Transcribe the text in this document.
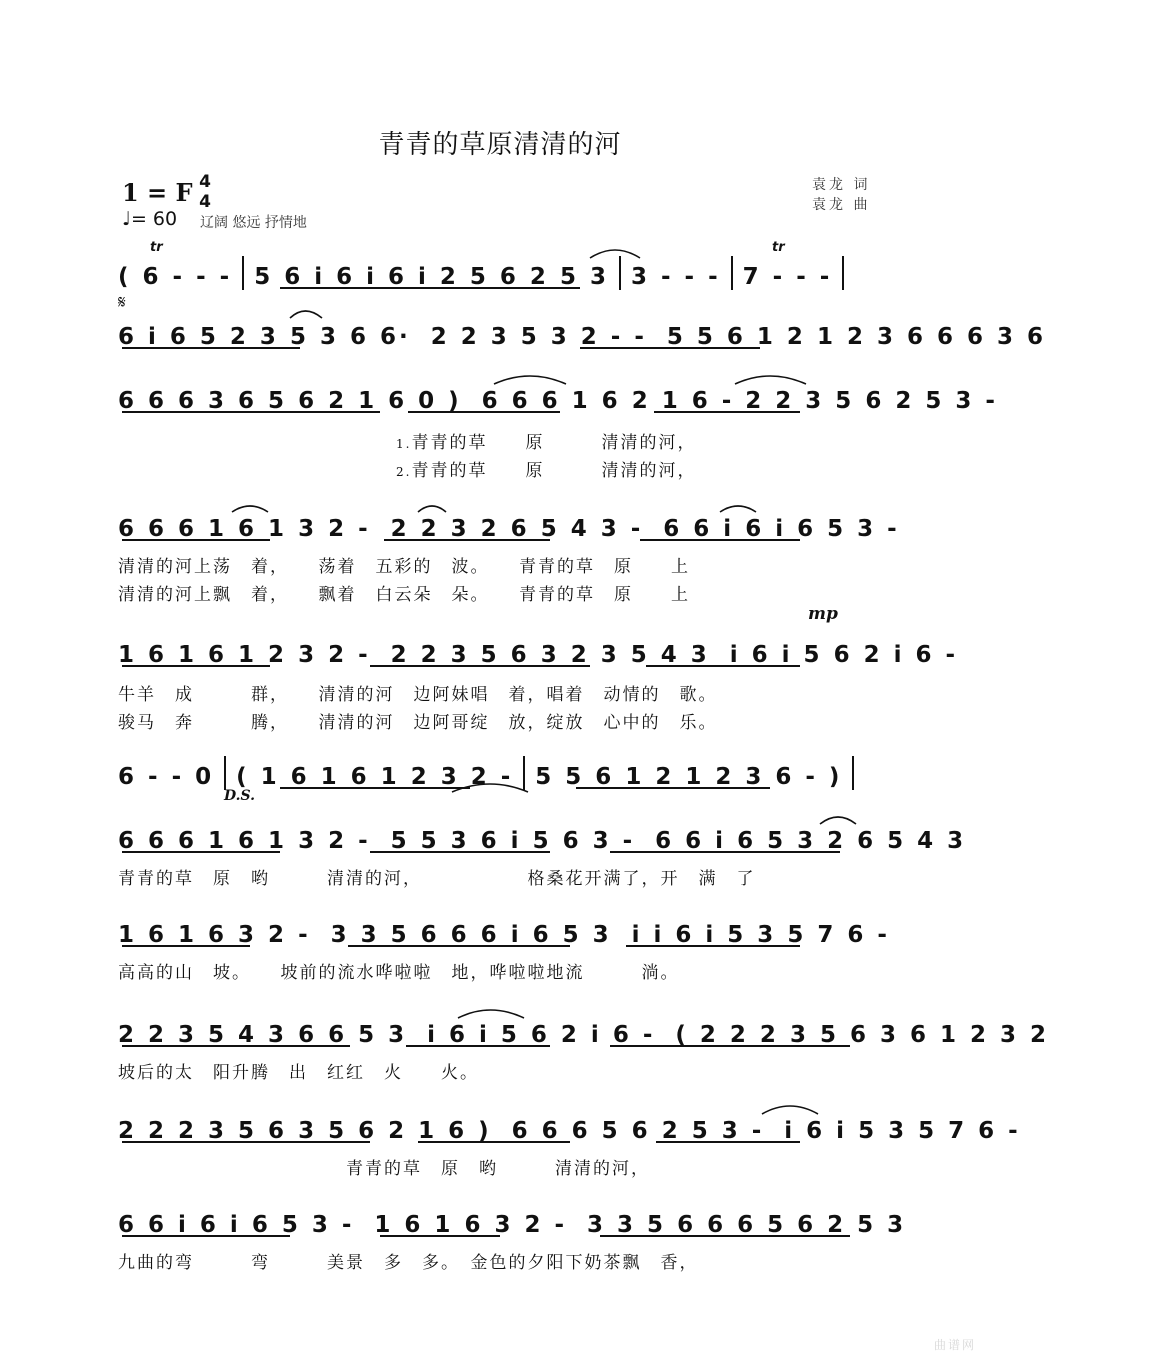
青青的草原清清的河
1 = F 4
4
♩= 60 辽阔 悠远 抒情地
袁龙 词
袁龙 曲
( 6 - - - 5 6 i 6 i 6 i 2 5 6 2 5 3 3 - - - 7 - - -
tr	tr
𝄋
6 i 6 5 2 3 5 3 6 6· 2 2 3 5 3 2 - - 5 5 6 1 2 1 2 3 6 6 6 3 6
6 6 6 3 6 5 6 2 1 6 0 ) 6 6 6 1 6 2 1 6 - 2 2 3 5 6 2 5 3 -
1.青青的草　　原　　　清清的河，
2.青青的草　　原　　　清清的河，
6 6 6 1 6 1 3 2 - 2 2 3 2 6 5 4 3 - 6 6 i 6 i 6 5 3 -
清清的河上荡　着，　　荡着　五彩的　波。　　青青的草　原　　上
清清的河上飘　着，　　飘着　白云朵　朵。　　青青的草　原　　上
mp
1 6 1 6 1 2 3 2 - 2 2 3 5 6 3 2 3 5 4 3 i 6 i 5 6 2 i 6 -
牛羊　成　　　群，　　清清的河　边阿妹唱　着，唱着　动情的　歌。
骏马　奔　　　腾，　　清清的河　边阿哥绽　放，绽放　心中的　乐。
6 - - 0 ( 1 6 1 6 1 2 3 2 - 5 5 6 1 2 1 2 3 6 - )
D.S.
6 6 6 1 6 1 3 2 - 5 5 3 6 i 5 6 3 - 6 6 i 6 5 3 2 6 5 4 3
青青的草　原　哟　　　清清的河，　　　　　　格桑花开满了，开　满　了
1 6 1 6 3 2 - 3 3 5 6 6 6 i 6 5 3 i i 6 i 5 3 5 7 6 -
高高的山　坡。　　坡前的流水哗啦啦　地，哗啦啦地流　　　淌。
2 2 3 5 4 3 6 6 5 3 i 6 i 5 6 2 i 6 - ( 2 2 2 3 5 6 3 6 1 2 3 2
坡后的太　阳升腾　出　红红　火　　火。
2 2 2 3 5 6 3 5 6 2 1 6 ) 6 6 6 5 6 2 5 3 - i 6 i 5 3 5 7 6 -
　　　　　　　　　　　　青青的草　原　哟　　　清清的河，
6 6 i 6 i 6 5 3 - 1 6 1 6 3 2 - 3 3 5 6 6 6 5 6 2 5 3
九曲的弯　　　弯　　　美景　多　多。　金色的夕阳下奶茶飘　香，
曲谱网
